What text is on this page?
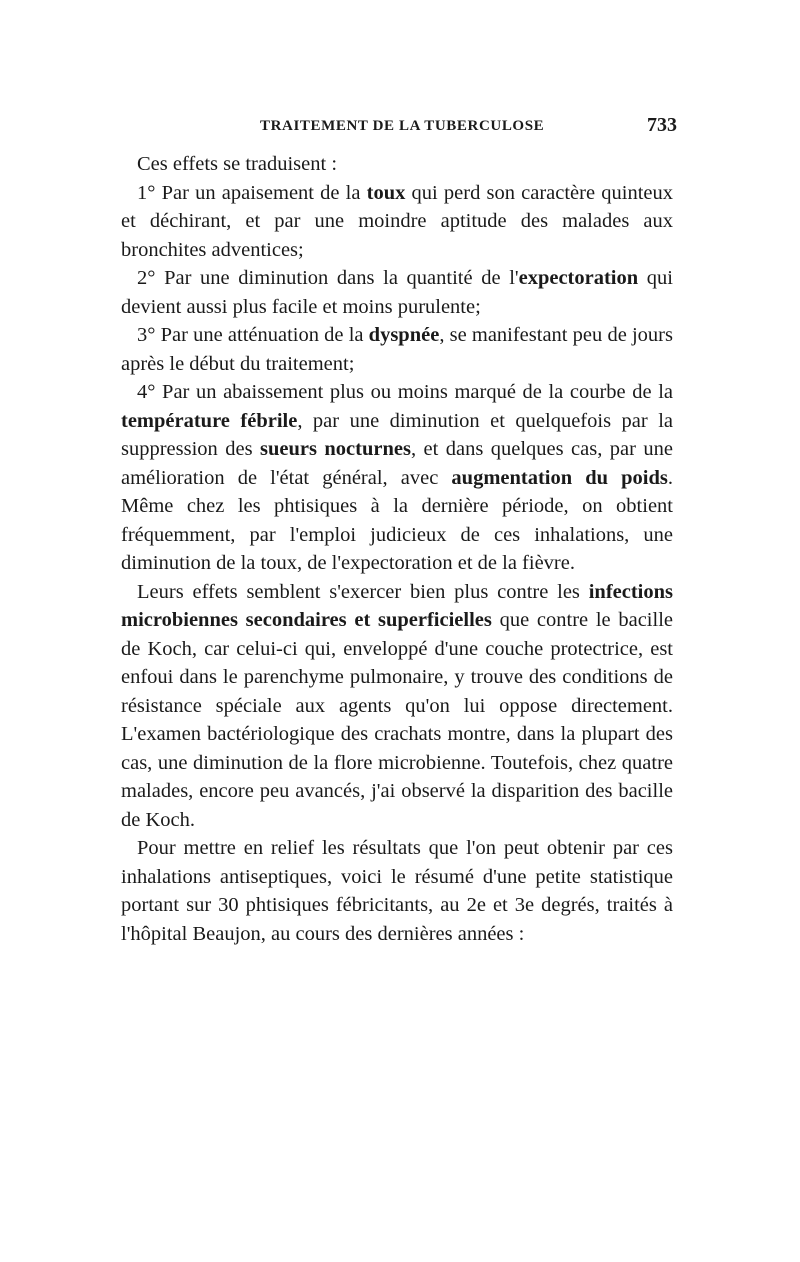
TRAITEMENT DE LA TUBERCULOSE	733

Ces effets se traduisent :

1° Par un apaisement de la toux qui perd son caractère quinteux et déchirant, et par une moindre aptitude des malades aux bronchites adventices;

2° Par une diminution dans la quantité de l'expectoration qui devient aussi plus facile et moins purulente;

3° Par une atténuation de la dyspnée, se manifestant peu de jours après le début du traitement;

4° Par un abaissement plus ou moins marqué de la courbe de la température fébrile, par une diminution et quelquefois par la suppression des sueurs nocturnes, et dans quelques cas, par une amélioration de l'état général, avec augmentation du poids. Même chez les phtisiques à la dernière période, on obtient fréquemment, par l'emploi judicieux de ces inhalations, une diminution de la toux, de l'expectoration et de la fièvre.

Leurs effets semblent s'exercer bien plus contre les infections microbiennes secondaires et superficielles que contre le bacille de Koch, car celui-ci qui, enveloppé d'une couche protectrice, est enfoui dans le parenchyme pulmonaire, y trouve des conditions de résistance spéciale aux agents qu'on lui oppose directement. L'examen bactériologique des crachats montre, dans la plupart des cas, une diminution de la flore microbienne. Toutefois, chez quatre malades, encore peu avancés, j'ai observé la disparition des bacille de Koch.

Pour mettre en relief les résultats que l'on peut obtenir par ces inhalations antiseptiques, voici le résumé d'une petite statistique portant sur 30 phtisiques fébricitants, au 2e et 3e degrés, traités à l'hôpital Beaujon, au cours des dernières années :
